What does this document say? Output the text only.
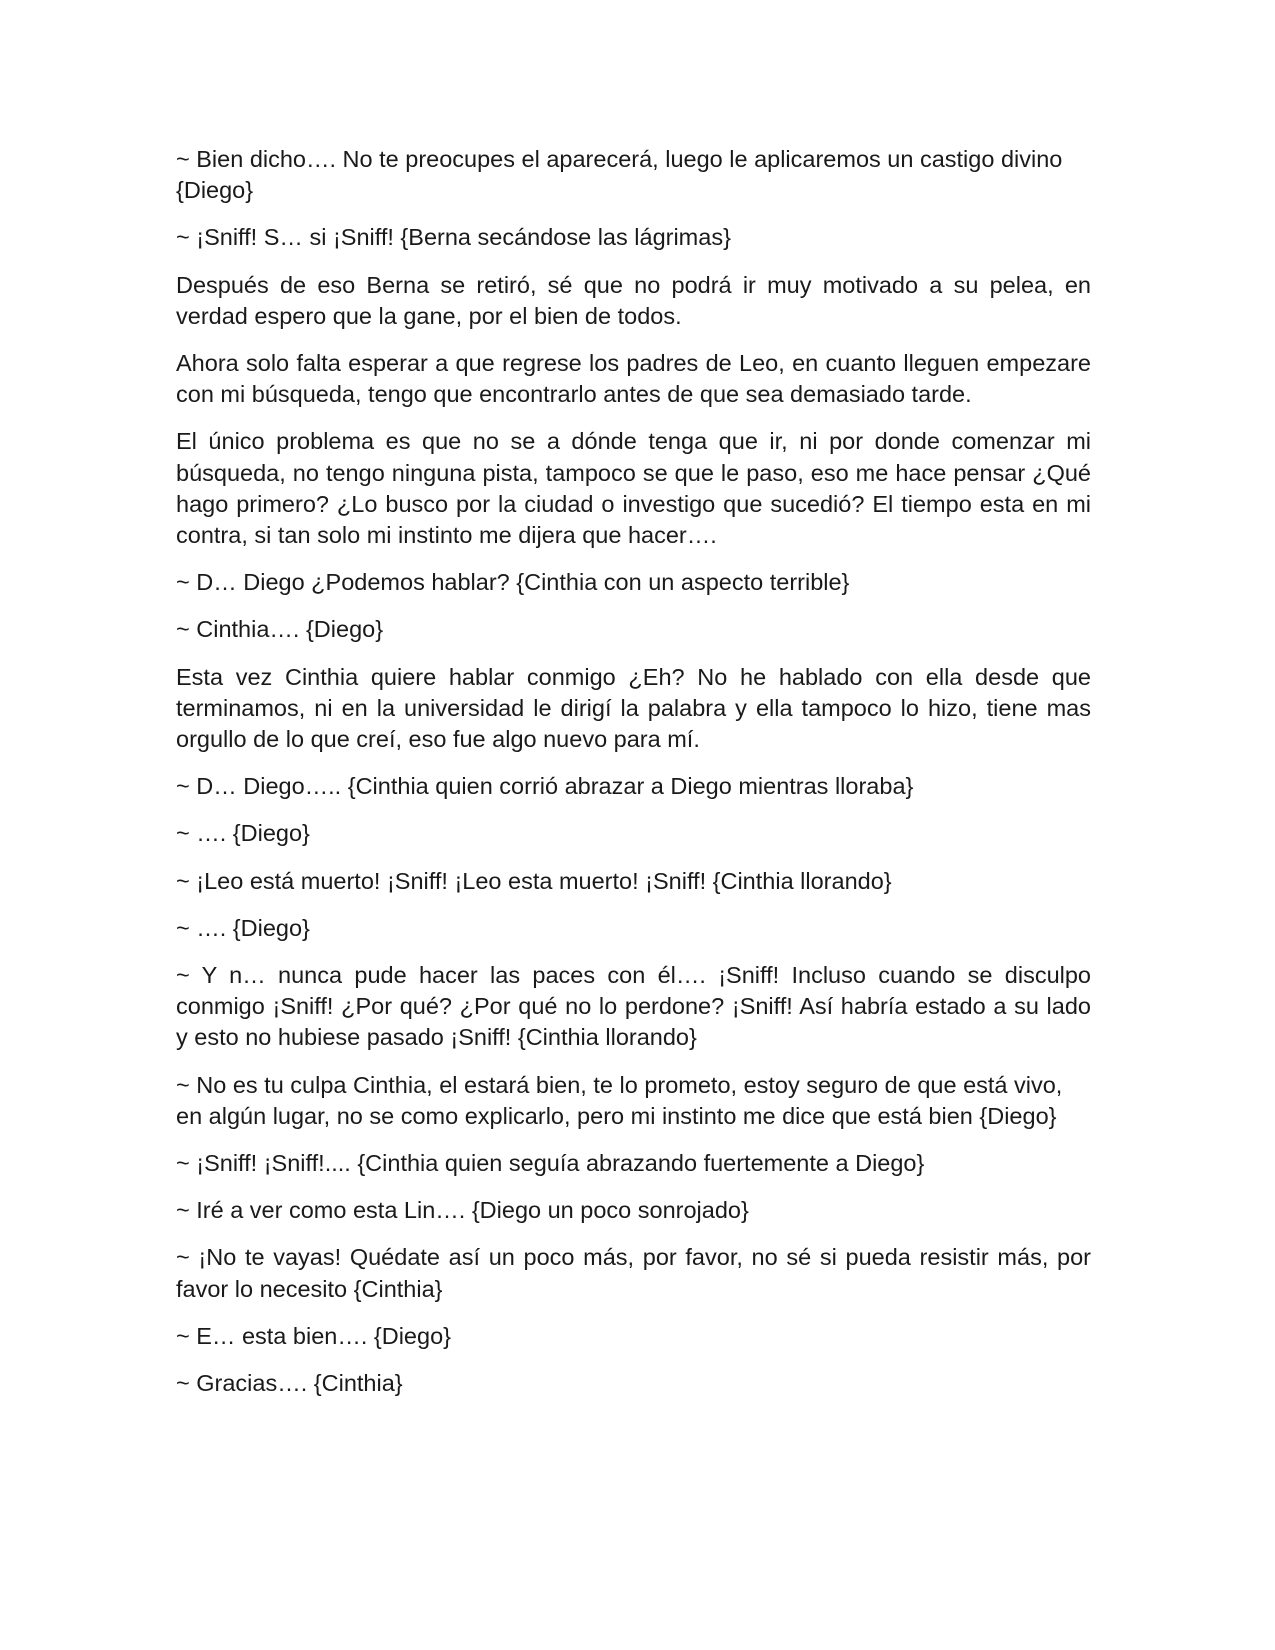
~ Bien dicho…. No te preocupes el aparecerá, luego le aplicaremos un castigo divino {Diego}

~ ¡Sniff! S… si ¡Sniff! {Berna secándose las lágrimas}

Después de eso Berna se retiró, sé que no podrá ir muy motivado a su pelea, en verdad espero que la gane, por el bien de todos.

Ahora solo falta esperar a que regrese los padres de Leo, en cuanto lleguen empezare con mi búsqueda, tengo que encontrarlo antes de que sea demasiado tarde.

El único problema es que no se a dónde tenga que ir, ni por donde comenzar mi búsqueda, no tengo ninguna pista, tampoco se que le paso, eso me hace pensar ¿Qué hago primero? ¿Lo busco por la ciudad o investigo que sucedió? El tiempo esta en mi contra, si tan solo mi instinto me dijera que hacer….

~ D… Diego ¿Podemos hablar? {Cinthia con un aspecto terrible}

~ Cinthia…. {Diego}

Esta vez Cinthia quiere hablar conmigo ¿Eh? No he hablado con ella desde que terminamos, ni en la universidad le dirigí la palabra y ella tampoco lo hizo, tiene mas orgullo de lo que creí, eso fue algo nuevo para mí.

~ D… Diego….. {Cinthia quien corrió abrazar a Diego mientras lloraba}

~ …. {Diego}

~ ¡Leo está muerto! ¡Sniff! ¡Leo esta muerto! ¡Sniff! {Cinthia llorando}

~ …. {Diego}

~ Y n… nunca pude hacer las paces con él…. ¡Sniff! Incluso cuando se disculpo conmigo ¡Sniff! ¿Por qué? ¿Por qué no lo perdone? ¡Sniff! Así habría estado a su lado y esto no hubiese pasado ¡Sniff! {Cinthia llorando}

~ No es tu culpa Cinthia, el estará bien, te lo prometo, estoy seguro de que está vivo, en algún lugar, no se como explicarlo, pero mi instinto me dice que está bien {Diego}

~ ¡Sniff! ¡Sniff!.... {Cinthia quien seguía abrazando fuertemente a Diego}

~ Iré a ver como esta Lin…. {Diego un poco sonrojado}

~ ¡No te vayas! Quédate así un poco más, por favor, no sé si pueda resistir más, por favor lo necesito {Cinthia}

~ E… esta bien…. {Diego}

~ Gracias…. {Cinthia}
